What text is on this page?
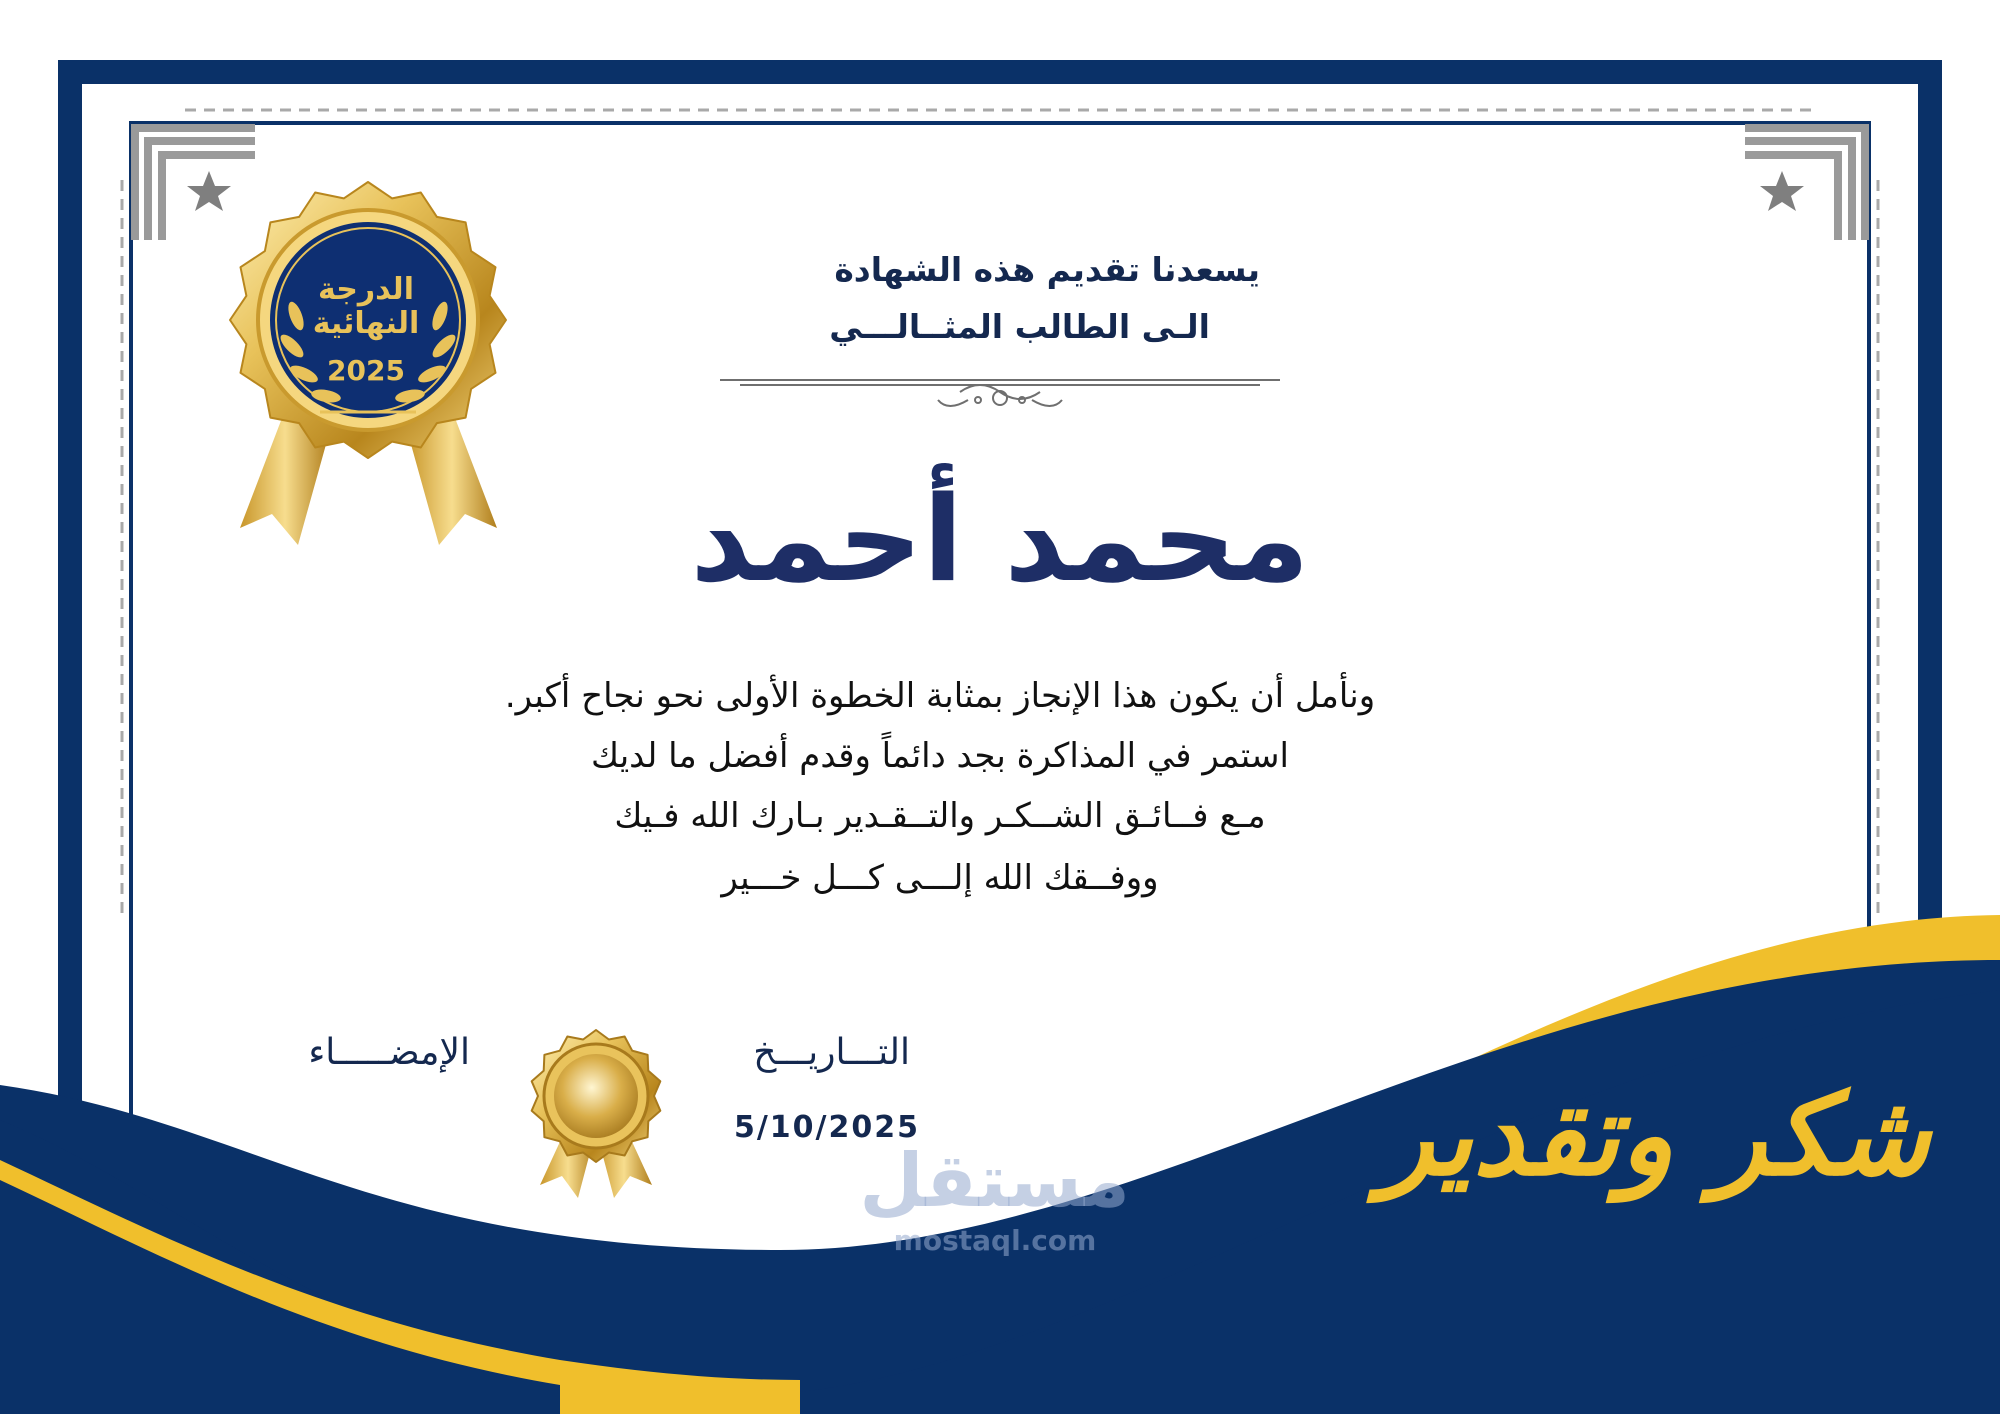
الدرجة
النهائية
2025
يسعدنا تقديم هذه الشهادة
الـى الطالب المثــالـــي
محمد أحمد
ونأمل أن يكون هذا الإنجاز بمثابة الخطوة الأولى نحو نجاح أكبر.
استمر في المذاكرة بجد دائماً وقدم أفضل ما لديك
مـع فــائـق الشــكـر والتــقـدير بـارك الله فـيك
ووفــقك الله إلـــى كـــل خـــير
التـــاريـــخ
5/10/2025
الإمضـــــاء
شكر وتقدير
مستقل
mostaql.com
